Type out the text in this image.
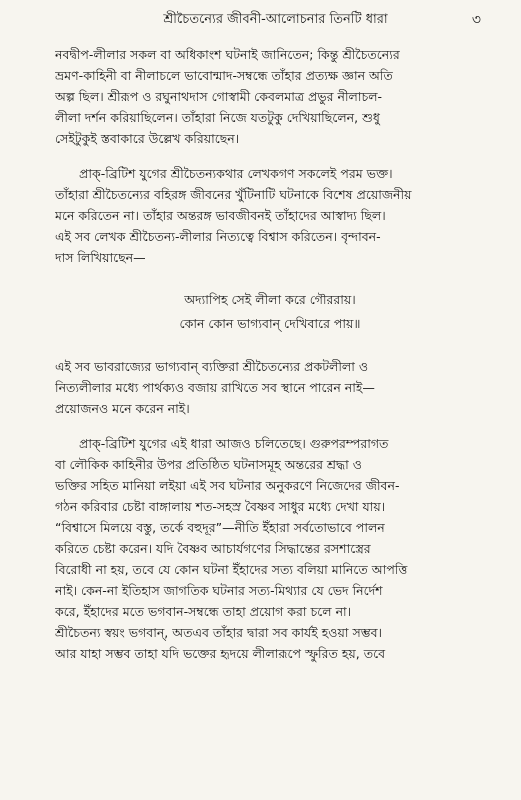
শ্রীচৈতন্যের জীবনী-আলোচনার তিনটি ধারা	৩
নবদ্বীপ-লীলার সকল বা অধিকাংশ ঘটনাই জানিতেন; কিন্তু শ্রীচৈতন্যের
ভ্রমণ-কাহিনী বা নীলাচলে ভাবোন্মাদ-সম্বন্ধে তাঁহার প্রত্যক্ষ জ্ঞান অতি
অল্প ছিল। শ্রীরূপ ও রঘুনাথদাস গোস্বামী কেবলমাত্র প্রভুর নীলাচল-
লীলা দর্শন করিয়াছিলেন। তাঁহারা নিজে যতটুকু দেখিয়াছিলেন, শুধু
সেইটুকুই স্তবাকারে উল্লেখ করিয়াছেন।
প্রাক্-ব্রিটিশ যুগের শ্রীচৈতন্যকথার লেখকগণ সকলেই পরম ভক্ত।
তাঁহারা শ্রীচৈতন্যের বহিরঙ্গ জীবনের খুঁটিনাটি ঘটনাকে বিশেষ প্রয়োজনীয়
মনে করিতেন না। তাঁহার অন্তরঙ্গ ভাবজীবনই তাঁহাদের আস্বাদ্য ছিল।
এই সব লেখক শ্রীচৈতন্য-লীলার নিত্যত্বে বিশ্বাস করিতেন। বৃন্দাবন-
দাস লিখিয়াছেন—
অদ্যাপিহ সেই লীলা করে গৌররায়।
কোন কোন ভাগ্যবান্ দেখিবারে পায়॥
এই সব ভাবরাজ্যের ভাগ্যবান্ ব্যক্তিরা শ্রীচৈতন্যের প্রকটলীলা ও
নিত্যলীলার মধ্যে পার্থক্যও বজায় রাখিতে সব স্থানে পারেন নাই—
প্রয়োজনও মনে করেন নাই।
প্রাক্-ব্রিটিশ যুগের এই ধারা আজও চলিতেছে। গুরুপরম্পরাগত
বা লৌকিক কাহিনীর উপর প্রতিষ্ঠিত ঘটনাসমূহ অন্তরের শ্রদ্ধা ও
ভক্তির সহিত মানিয়া লইয়া এই সব ঘটনার অনুকরণে নিজেদের জীবন-
গঠন করিবার চেষ্টা বাঙ্গালায় শত-সহস্র বৈষ্ণব সাধুর মধ্যে দেখা যায়।
“বিশ্বাসে মিলয়ে বস্তু, তর্কে বহুদূর”—নীতি ইঁহারা সর্বতোভাবে পালন
করিতে চেষ্টা করেন। যদি বৈষ্ণব আচার্যগণের সিদ্ধান্তের রসশাস্ত্রের
বিরোধী না হয়, তবে যে কোন ঘটনা ইঁহাদের সত্য বলিয়া মানিতে আপত্তি
নাই। কেন-না ইতিহাস জাগতিক ঘটনার সত্য-মিথ্যার যে ভেদ নির্দেশ
করে, ইঁহাদের মতে ভগবান-সম্বন্ধে তাহা প্রয়োগ করা চলে না।
শ্রীচৈতন্য স্বয়ং ভগবান্, অতএব তাঁহার দ্বারা সব কার্যই হওয়া সম্ভব।
আর যাহা সম্ভব তাহা যদি ভক্তের হৃদয়ে লীলারূপে স্ফুরিত হয়, তবে
